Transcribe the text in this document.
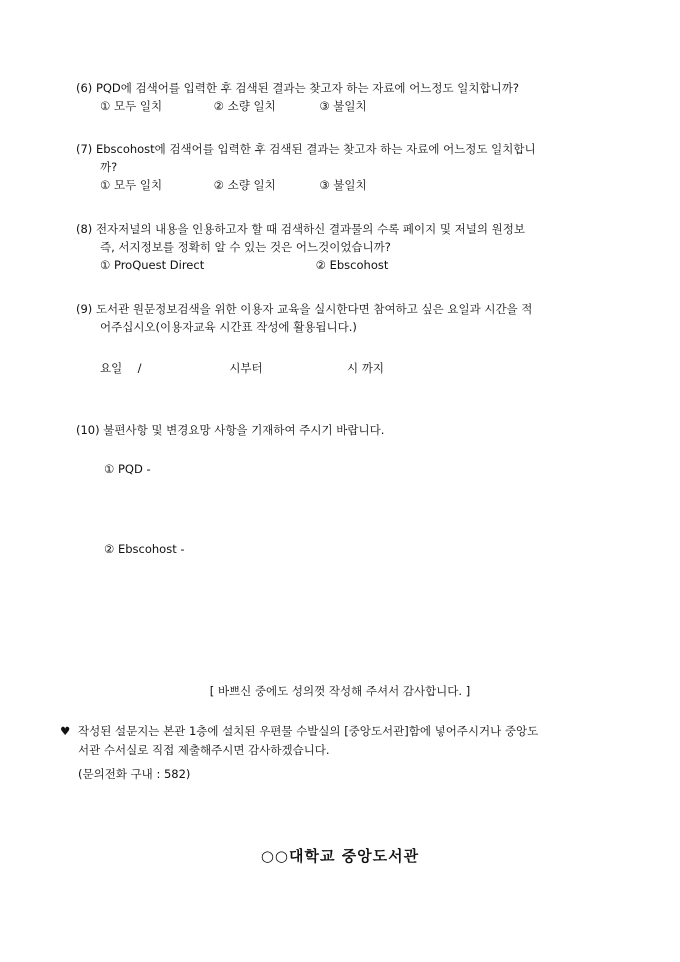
(6) PQD에 검색어를 입력한 후 검색된 결과는 찾고자 하는 자료에 어느정도 일치합니까?
① 모두 일치	② 소량 일치	③ 불일치
(7) Ebscohost에 검색어를 입력한 후 검색된 결과는 찾고자 하는 자료에 어느정도 일치합니
까?
① 모두 일치	② 소량 일치	③ 불일치
(8) 전자저널의 내용을 인용하고자 할 때 검색하신 결과물의 수록 페이지 및 저널의 원정보
즉, 서지정보를 정확히 알 수 있는 것은 어느것이었습니까?
① ProQuest Direct	② Ebscohost
(9) 도서관 원문정보검색을 위한 이용자 교육을 실시한다면 참여하고 싶은 요일과 시간을 적
어주십시오(이용자교육 시간표 작성에 활용됩니다.)
요일 /	시부터	시 까지
(10) 불편사항 및 변경요망 사항을 기재하여 주시기 바랍니다.
① PQD -
② Ebscohost -
[ 바쁘신 중에도 성의껏 작성해 주셔서 감사합니다. ]
♥ 작성된 설문지는 본관 1층에 설치된 우편물 수발실의 [중앙도서관]함에 넣어주시거나 중앙도
서관 수서실로 직접 제출해주시면 감사하겠습니다.
(문의전화 구내 : 582)
○○대학교 중앙도서관
